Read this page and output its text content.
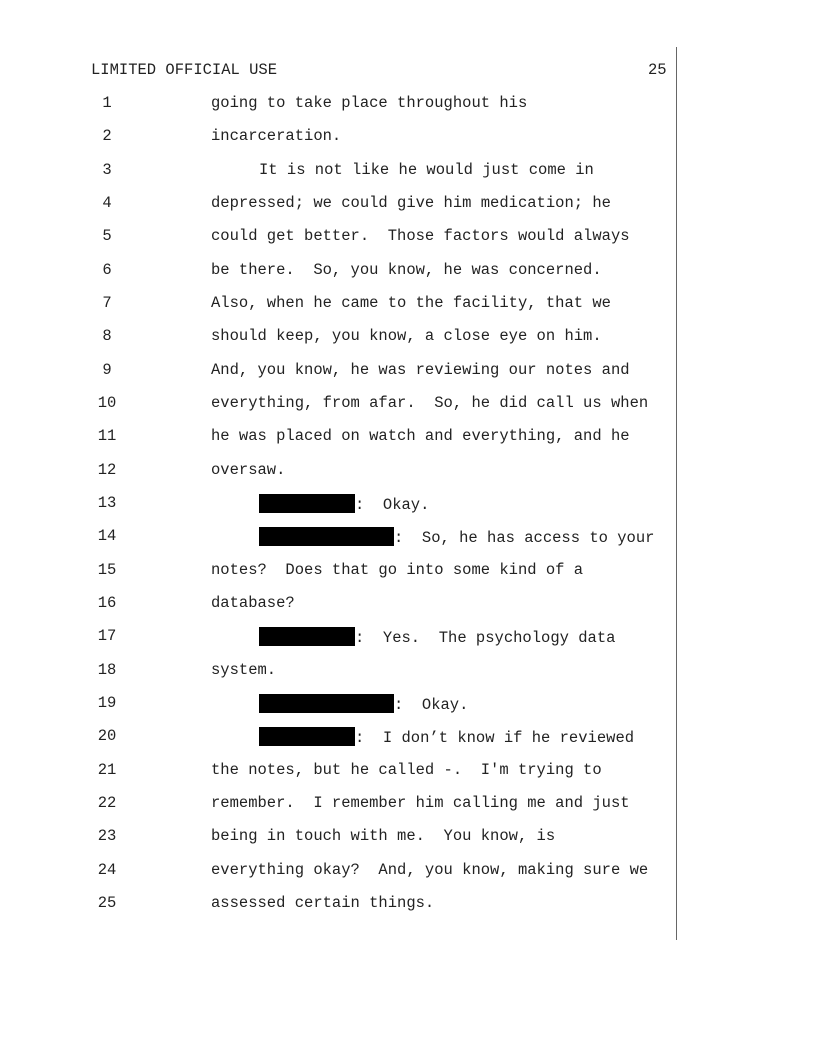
LIMITED OFFICIAL USE	25
1	going to take place throughout his
2	incarceration.
3	It is not like he would just come in
4	depressed; we could give him medication; he
5	could get better.  Those factors would always
6	be there.  So, you know, he was concerned.
7	Also, when he came to the facility, that we
8	should keep, you know, a close eye on him.
9	And, you know, he was reviewing our notes and
10	everything, from afar.  So, he did call us when
11	he was placed on watch and everything, and he
12	oversaw.
13	:  Okay.
14	:  So, he has access to your
15	notes?  Does that go into some kind of a
16	database?
17	:  Yes.  The psychology data
18	system.
19	:  Okay.
20	:  I don’t know if he reviewed
21	the notes, but he called -.  I'm trying to
22	remember.  I remember him calling me and just
23	being in touch with me.  You know, is
24	everything okay?  And, you know, making sure we
25	assessed certain things.
